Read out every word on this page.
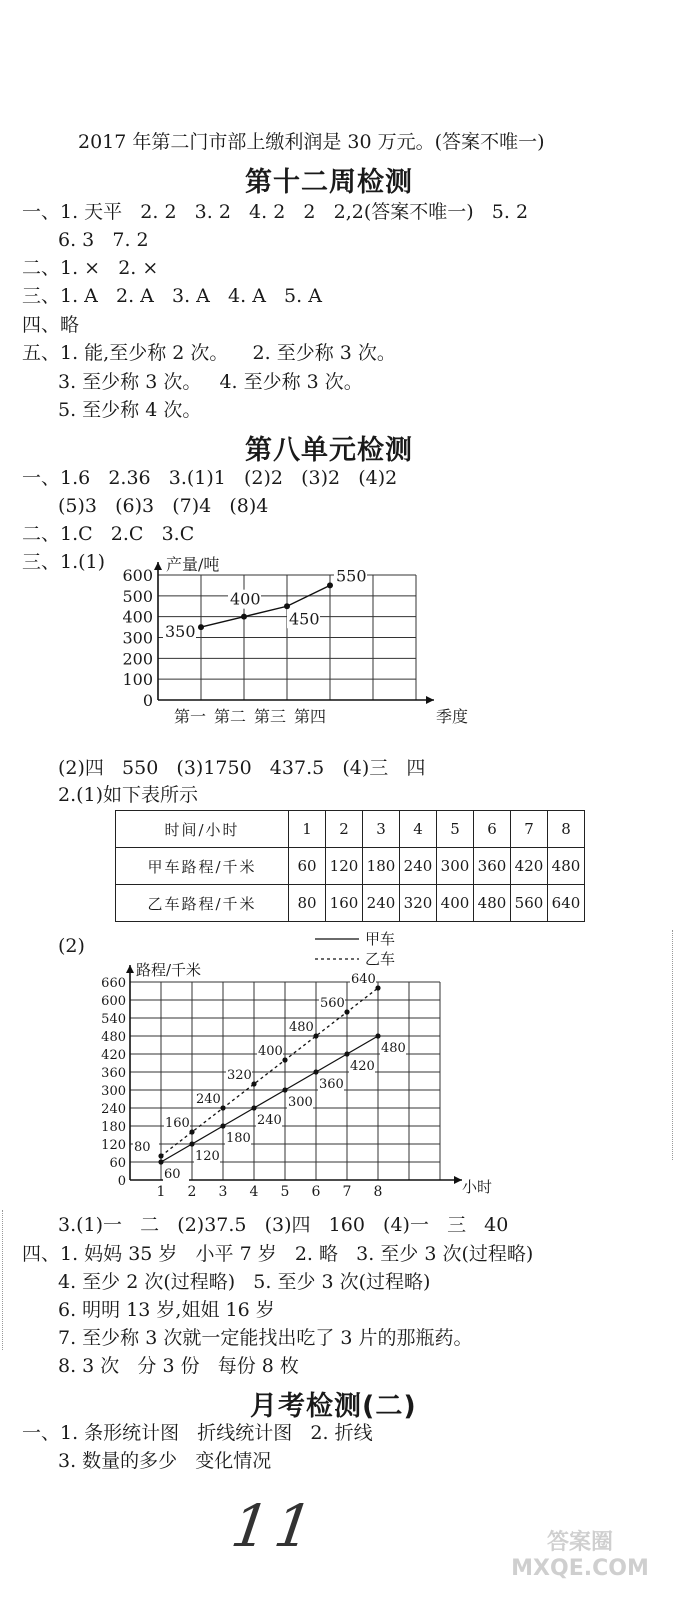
2017 年第二门市部上缴利润是 30 万元。(答案不唯一)
第十二周检测
一、1. 天平   2. 2   3. 2   4. 2   2   2,2(答案不唯一)   5. 2
6. 3   7. 2
二、1. ×   2. ×
三、1. A   2. A   3. A   4. A   5. A
四、略
五、1. 能,至少称 2 次。    2. 至少称 3 次。
3. 至少称 3 次。   4. 至少称 3 次。
5. 至少称 4 次。
第八单元检测
一、1.6   2.36   3.(1)1   (2)2   (3)2   (4)2
(5)3   (6)3   (7)4   (8)4
二、1.C   2.C   3.C
三、1.(1)
0
100
200
300
400
500
600
产量/吨
季度
第一 第二 第三 第四
350
400
450
550
(2)四   550   (3)1750   437.5   (4)三   四
2.(1)如下表所示
时间/小时	1	2	3	4	5	6	7	8
甲车路程/千米	60	120	180	240	300	360	420	480
乙车路程/千米	80	160	240	320	400	480	560	640
(2)
0
60
120
180
240
300
360
420
480
540
600
660
路程/千米
小时
1 2 3 4 5 6 7 8
甲车
乙车
60
120
180
240
300
360
420
480
80
160
240
320
400
480
560
640
3.(1)一   二   (2)37.5   (3)四   160   (4)一   三   40
四、1. 妈妈 35 岁   小平 7 岁   2. 略   3. 至少 3 次(过程略)
4. 至少 2 次(过程略)   5. 至少 3 次(过程略)
6. 明明 13 岁,姐姐 16 岁
7. 至少称 3 次就一定能找出吃了 3 片的那瓶药。
8. 3 次   分 3 份   每份 8 枚
月考检测(二)
一、1. 条形统计图   折线统计图   2. 折线
3. 数量的多少   变化情况
11	答案圈 MXQE.COM
